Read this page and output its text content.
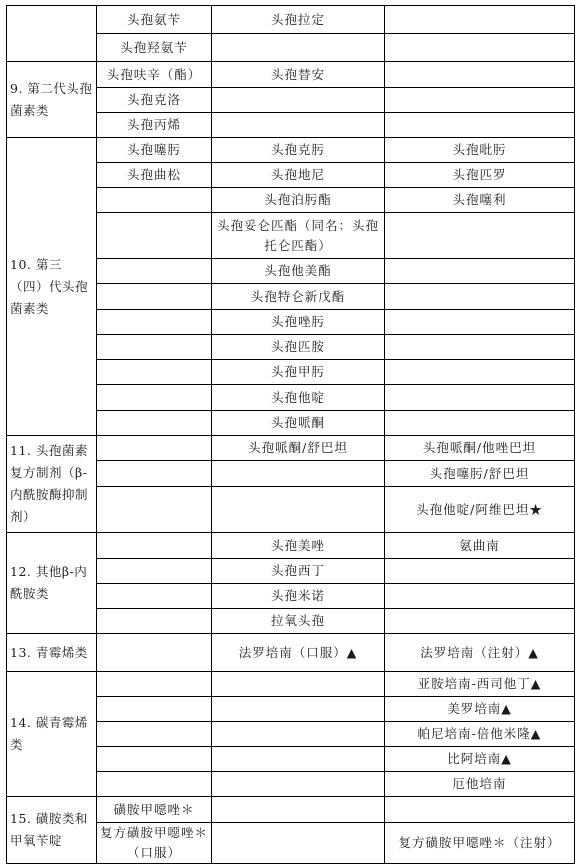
	头孢氨苄	头孢拉定	
	头孢羟氨苄		
9. 第二代头孢菌素类	头孢呋辛（酯）	头孢替安	
	头孢克洛		
	头孢丙烯		
10. 第三（四）代头孢菌素类	头孢噻肟	头孢克肟	头孢吡肟
	头孢曲松	头孢地尼	头孢匹罗
		头孢泊肟酯	头孢噻利
		头孢妥仑匹酯（同名：头孢托仑匹酯）	
		头孢他美酯	
		头孢特仑新戊酯	
		头孢唑肟	
		头孢匹胺	
		头孢甲肟	
		头孢他啶	
		头孢哌酮	
11. 头孢菌素复方制剂（β-内酰胺酶抑制剂）		头孢哌酮/舒巴坦	头孢哌酮/他唑巴坦
			头孢噻肟/舒巴坦
			头孢他啶/阿维巴坦★
12. 其他β-内酰胺类		头孢美唑	氨曲南
		头孢西丁	
		头孢米诺	
		拉氧头孢	
13. 青霉烯类		法罗培南（口服）▲	法罗培南（注射）▲
14. 碳青霉烯类			亚胺培南-西司他丁▲
			美罗培南▲
			帕尼培南-倍他米隆▲
			比阿培南▲
			厄他培南
15. 磺胺类和甲氧苄啶	磺胺甲噁唑＊		
	复方磺胺甲噁唑＊（口服）		复方磺胺甲噁唑＊（注射）
